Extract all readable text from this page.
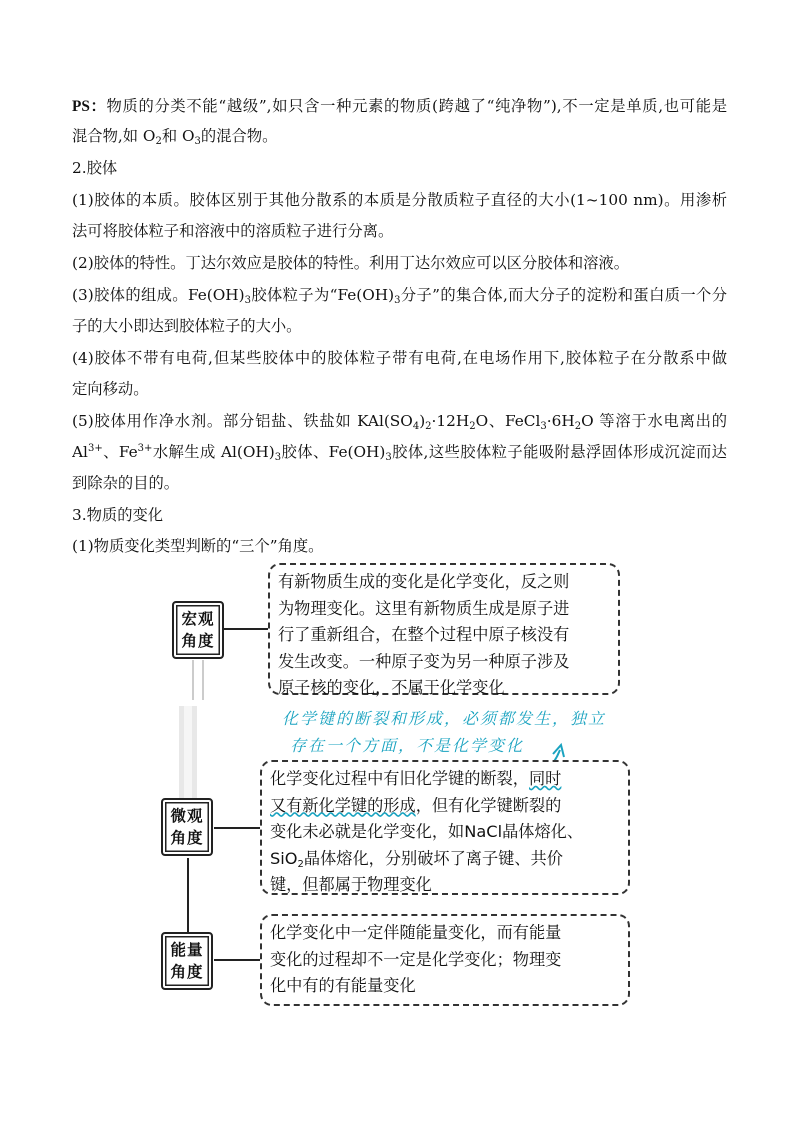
PS：物质的分类不能“越级”,如只含一种元素的物质(跨越了“纯净物”),不一定是单质,也可能是
混合物,如 $O_2$和 $O_3$的混合物。
2.胶体
(1)胶体的本质。胶体区别于其他分散系的本质是分散质粒子直径的大小(1~100 nm)。用渗析
法可将胶体粒子和溶液中的溶质粒子进行分离。
(2)胶体的特性。丁达尔效应是胶体的特性。利用丁达尔效应可以区分胶体和溶液。
(3)胶体的组成。$Fe(OH)_3$胶体粒子为“$Fe(OH)_3$分子”的集合体,而大分子的淀粉和蛋白质一个分
子的大小即达到胶体粒子的大小。
(4)胶体不带有电荷,但某些胶体中的胶体粒子带有电荷,在电场作用下,胶体粒子在分散系中做
定向移动。
(5)胶体用作净水剂。部分铝盐、铁盐如 $KAl(SO_4)_2\cdot 12H_2O$、$FeCl_3\cdot 6H_2O$ 等溶于水电离出的
$Al^{3+}$、$Fe^{3+}$水解生成 $Al(OH)_3$胶体、$Fe(OH)_3$胶体,这些胶体粒子能吸附悬浮固体形成沉淀而达
到除杂的目的。
3.物质的变化
(1)物质变化类型判断的“三个”角度。
宏观
角度
有新物质生成的变化是化学变化，反之则
为物理变化。这里有新物质生成是原子进
行了重新组合，在整个过程中原子核没有
发生改变。一种原子变为另一种原子涉及
原子核的变化，不属于化学变化
化学键的断裂和形成，必须都发生，独立
存在一个方面，不是化学变化
微观
角度
化学变化过程中有旧化学键的断裂，同时
又有新化学键的形成，但有化学键断裂的
变化未必就是化学变化，如NaCl晶体熔化、
SiO$_2$晶体熔化，分别破坏了离子键、共价
键，但都属于物理变化
能量
角度
化学变化中一定伴随能量变化，而有能量
变化的过程却不一定是化学变化；物理变
化中有的有能量变化
